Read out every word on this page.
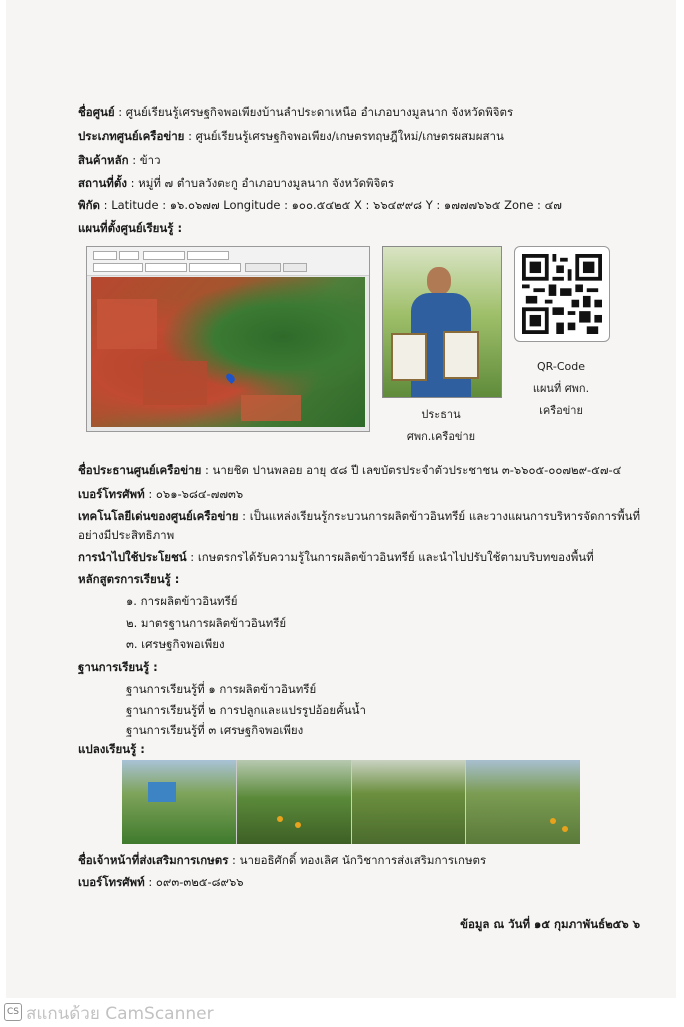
ชื่อศูนย์ : ศูนย์เรียนรู้เศรษฐกิจพอเพียงบ้านลำประดาเหนือ อำเภอบางมูลนาก จังหวัดพิจิตร
ประเภทศูนย์เครือข่าย : ศูนย์เรียนรู้เศรษฐกิจพอเพียง/เกษตรทฤษฎีใหม่/เกษตรผสมผสาน
สินค้าหลัก : ข้าว
สถานที่ตั้ง : หมู่ที่ ๗ ตำบลวังตะกู อำเภอบางมูลนาก จังหวัดพิจิตร
พิกัด : Latitude : ๑๖.๐๖๗๗ Longitude : ๑๐๐.๕๔๒๕ X : ๖๖๔๙๙๘ Y : ๑๗๗๗๖๖๕ Zone : ๔๗
แผนที่ตั้งศูนย์เรียนรู้ :
ประธาน
ศพก.เครือข่าย
QR-Code
แผนที่ ศพก.
เครือข่าย
ชื่อประธานศูนย์เครือข่าย : นายชิต ปานพลอย อายุ ๕๘ ปี เลขบัตรประจำตัวประชาชน ๓-๖๖๐๕-๐๐๗๒๙-๕๗-๔
เบอร์โทรศัพท์ : ๐๖๑-๖๘๔-๗๗๓๖
เทคโนโลยีเด่นของศูนย์เครือข่าย : เป็นแหล่งเรียนรู้กระบวนการผลิตข้าวอินทรีย์ และวางแผนการบริหารจัดการพื้นที่
อย่างมีประสิทธิภาพ
การนำไปใช้ประโยชน์ : เกษตรกรได้รับความรู้ในการผลิตข้าวอินทรีย์ และนำไปปรับใช้ตามบริบทของพื้นที่
หลักสูตรการเรียนรู้ :
๑. การผลิตข้าวอินทรีย์
๒. มาตรฐานการผลิตข้าวอินทรีย์
๓. เศรษฐกิจพอเพียง
ฐานการเรียนรู้ :
ฐานการเรียนรู้ที่ ๑ การผลิตข้าวอินทรีย์
ฐานการเรียนรู้ที่ ๒ การปลูกและแปรรูปอ้อยคั้นน้ำ
ฐานการเรียนรู้ที่ ๓ เศรษฐกิจพอเพียง
แปลงเรียนรู้ :
ชื่อเจ้าหน้าที่ส่งเสริมการเกษตร : นายอธิศักดิ์ ทองเลิศ นักวิชาการส่งเสริมการเกษตร
เบอร์โทรศัพท์ : ๐๙๓-๓๒๕-๘๙๖๖
ข้อมูล ณ วันที่ ๑๕ กุมภาพันธ์๒๕๖ ๖
CS สแกนด้วย CamScanner
